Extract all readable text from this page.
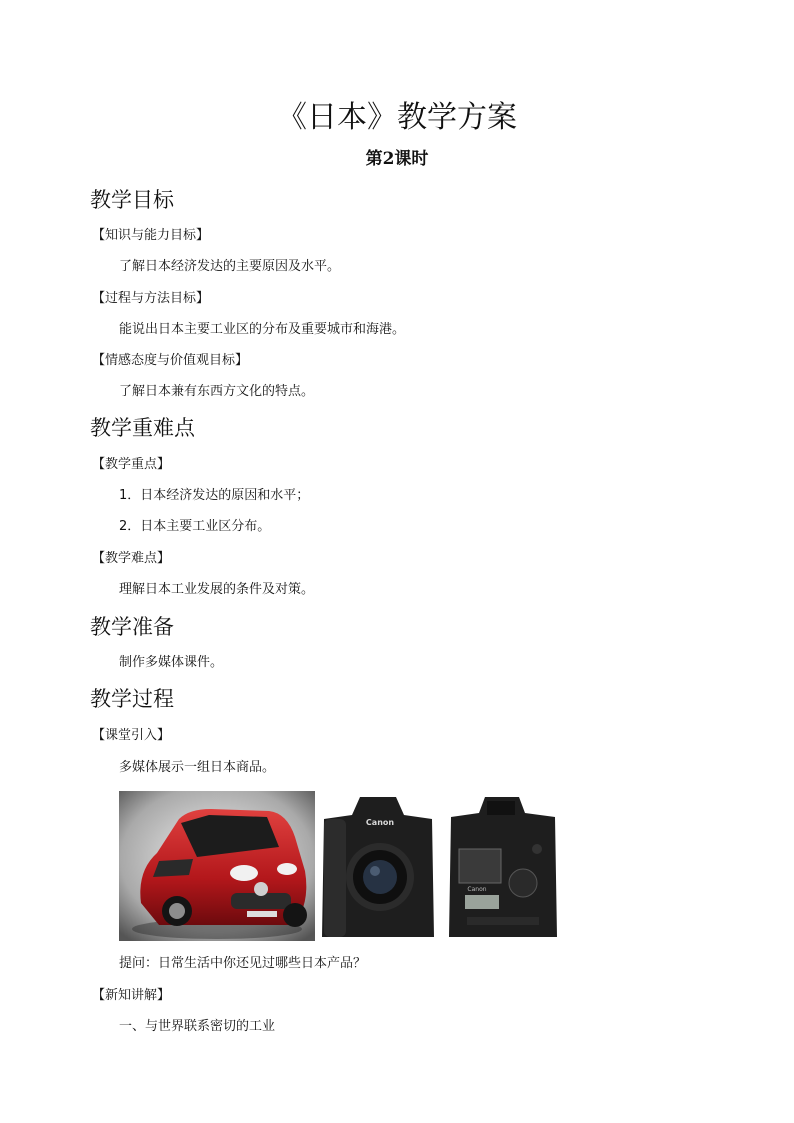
《日本》教学方案
第2课时
教学目标
【知识与能力目标】
了解日本经济发达的主要原因及水平。
【过程与方法目标】
能说出日本主要工业区的分布及重要城市和海港。
【情感态度与价值观目标】
了解日本兼有东西方文化的特点。
教学重难点
【教学重点】
1．日本经济发达的原因和水平；
2．日本主要工业区分布。
【教学难点】
理解日本工业发展的条件及对策。
教学准备
制作多媒体课件。
教学过程
【课堂引入】
多媒体展示一组日本商品。
Canon
Canon
提问：日常生活中你还见过哪些日本产品？
【新知讲解】
一、与世界联系密切的工业
